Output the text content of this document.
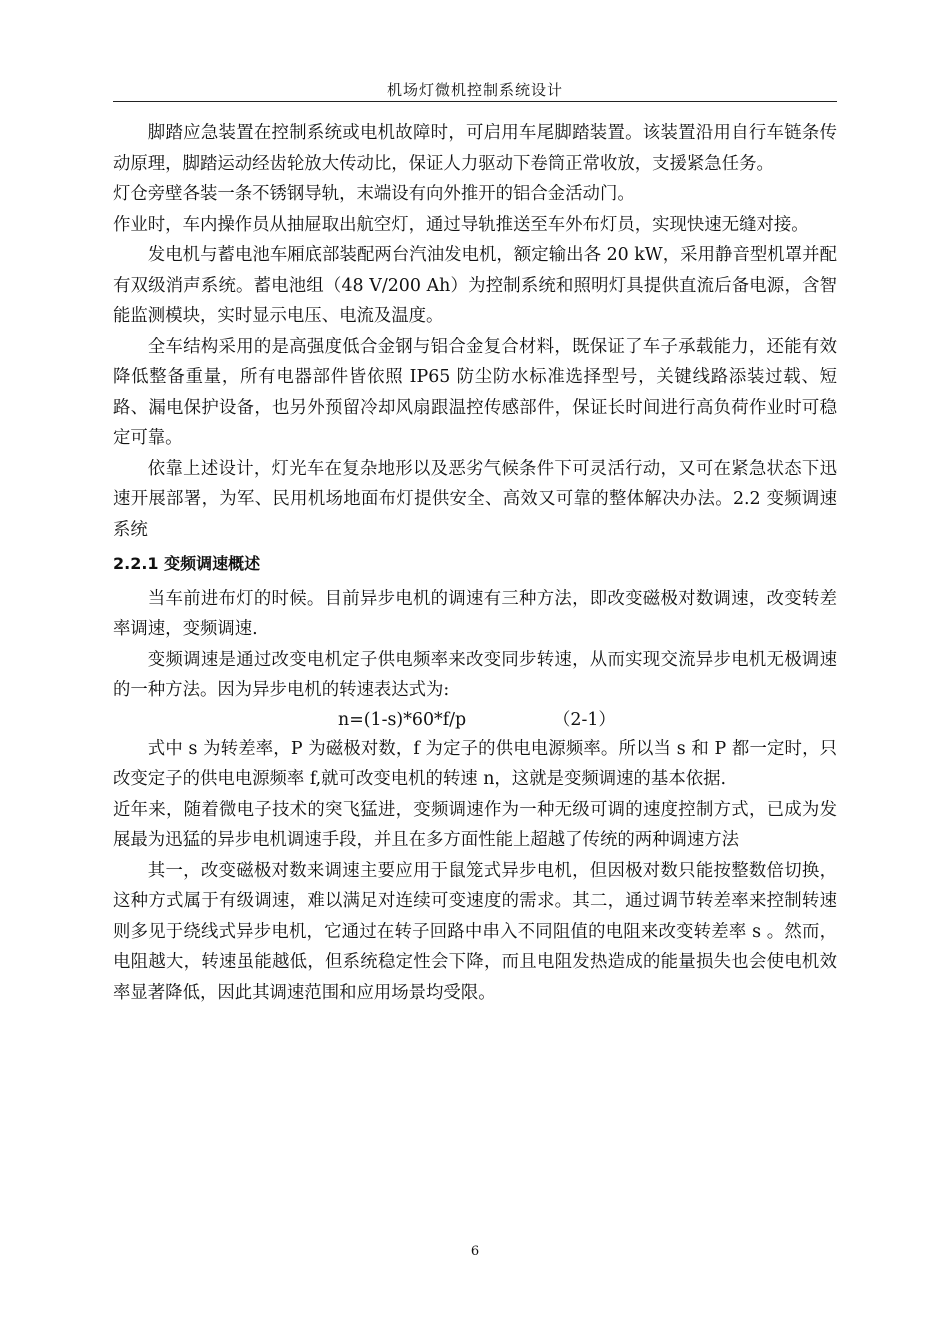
机场灯微机控制系统设计

脚踏应急装置在控制系统或电机故障时，可启用车尾脚踏装置。该装置沿用自行车链条传动原理，脚踏运动经齿轮放大传动比，保证人力驱动下卷筒正常收放，支援紧急任务。

灯仓旁壁各装一条不锈钢导轨，末端设有向外推开的铝合金活动门。

作业时，车内操作员从抽屉取出航空灯，通过导轨推送至车外布灯员，实现快速无缝对接。

发电机与蓄电池车厢底部装配两台汽油发电机，额定输出各 20 kW，采用静音型机罩并配有双级消声系统。蓄电池组（48 V/200 Ah）为控制系统和照明灯具提供直流后备电源，含智能监测模块，实时显示电压、电流及温度。

全车结构采用的是高强度低合金钢与铝合金复合材料，既保证了车子承载能力，还能有效降低整备重量，所有电器部件皆依照 IP65 防尘防水标准选择型号，关键线路添装过载、短路、漏电保护设备，也另外预留冷却风扇跟温控传感部件，保证长时间进行高负荷作业时可稳定可靠。

依靠上述设计，灯光车在复杂地形以及恶劣气候条件下可灵活行动，又可在紧急状态下迅速开展部署，为军、民用机场地面布灯提供安全、高效又可靠的整体解决办法。2.2 变频调速系统

2.2.1 变频调速概述

当车前进布灯的时候。目前异步电机的调速有三种方法，即改变磁极对数调速，改变转差率调速，变频调速.

变频调速是通过改变电机定子供电频率来改变同步转速，从而实现交流异步电机无极调速的一种方法。因为异步电机的转速表达式为:

n=(1-s)*60*f/p	（2-1）

式中 s 为转差率，P 为磁极对数，f 为定子的供电电源频率。所以当 s 和 P 都一定时，只改变定子的供电电源频率 f,就可改变电机的转速 n，这就是变频调速的基本依据.

近年来，随着微电子技术的突飞猛进，变频调速作为一种无级可调的速度控制方式，已成为发展最为迅猛的异步电机调速手段，并且在多方面性能上超越了传统的两种调速方法

其一，改变磁极对数来调速主要应用于鼠笼式异步电机，但因极对数只能按整数倍切换，这种方式属于有级调速，难以满足对连续可变速度的需求。其二，通过调节转差率来控制转速则多见于绕线式异步电机，它通过在转子回路中串入不同阻值的电阻来改变转差率 s 。然而，电阻越大，转速虽能越低，但系统稳定性会下降，而且电阻发热造成的能量损失也会使电机效率显著降低，因此其调速范围和应用场景均受限。

6
